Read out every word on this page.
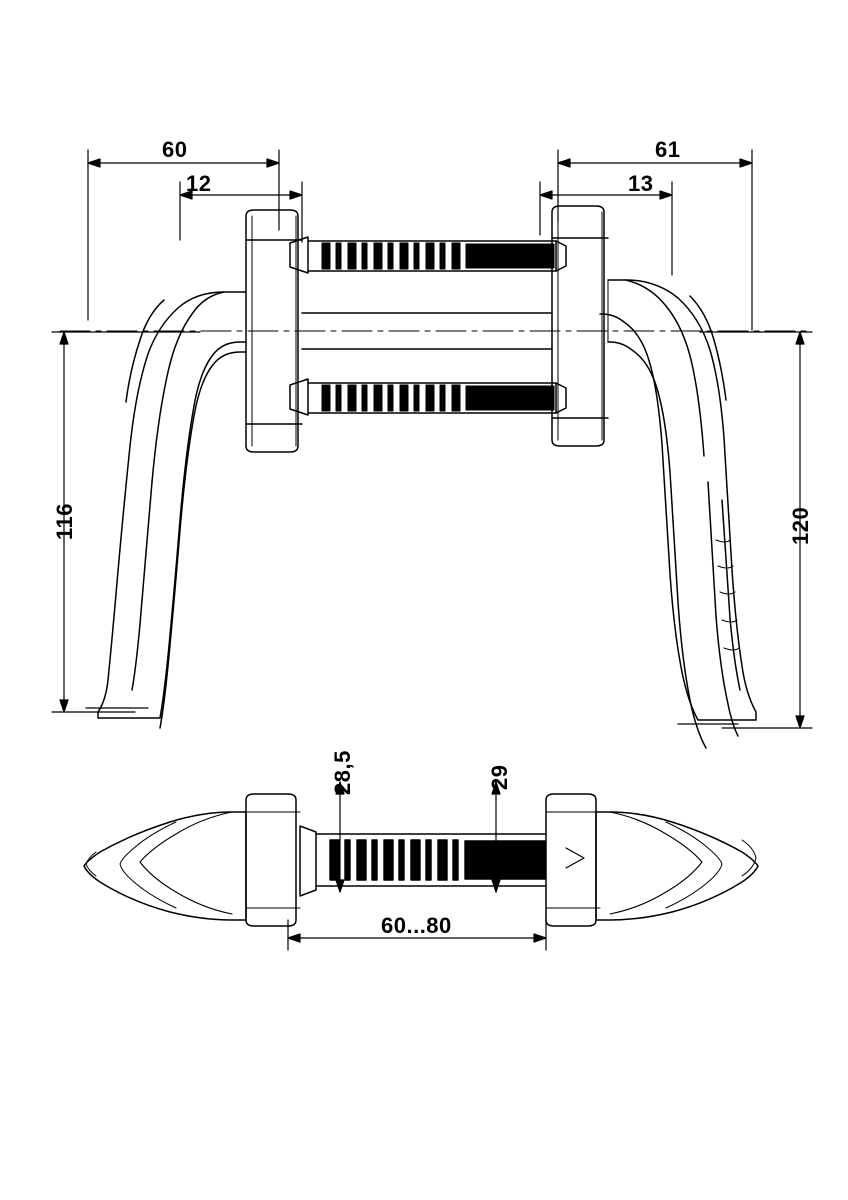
60
12
61
13
116	120
28,5	29
60...80
